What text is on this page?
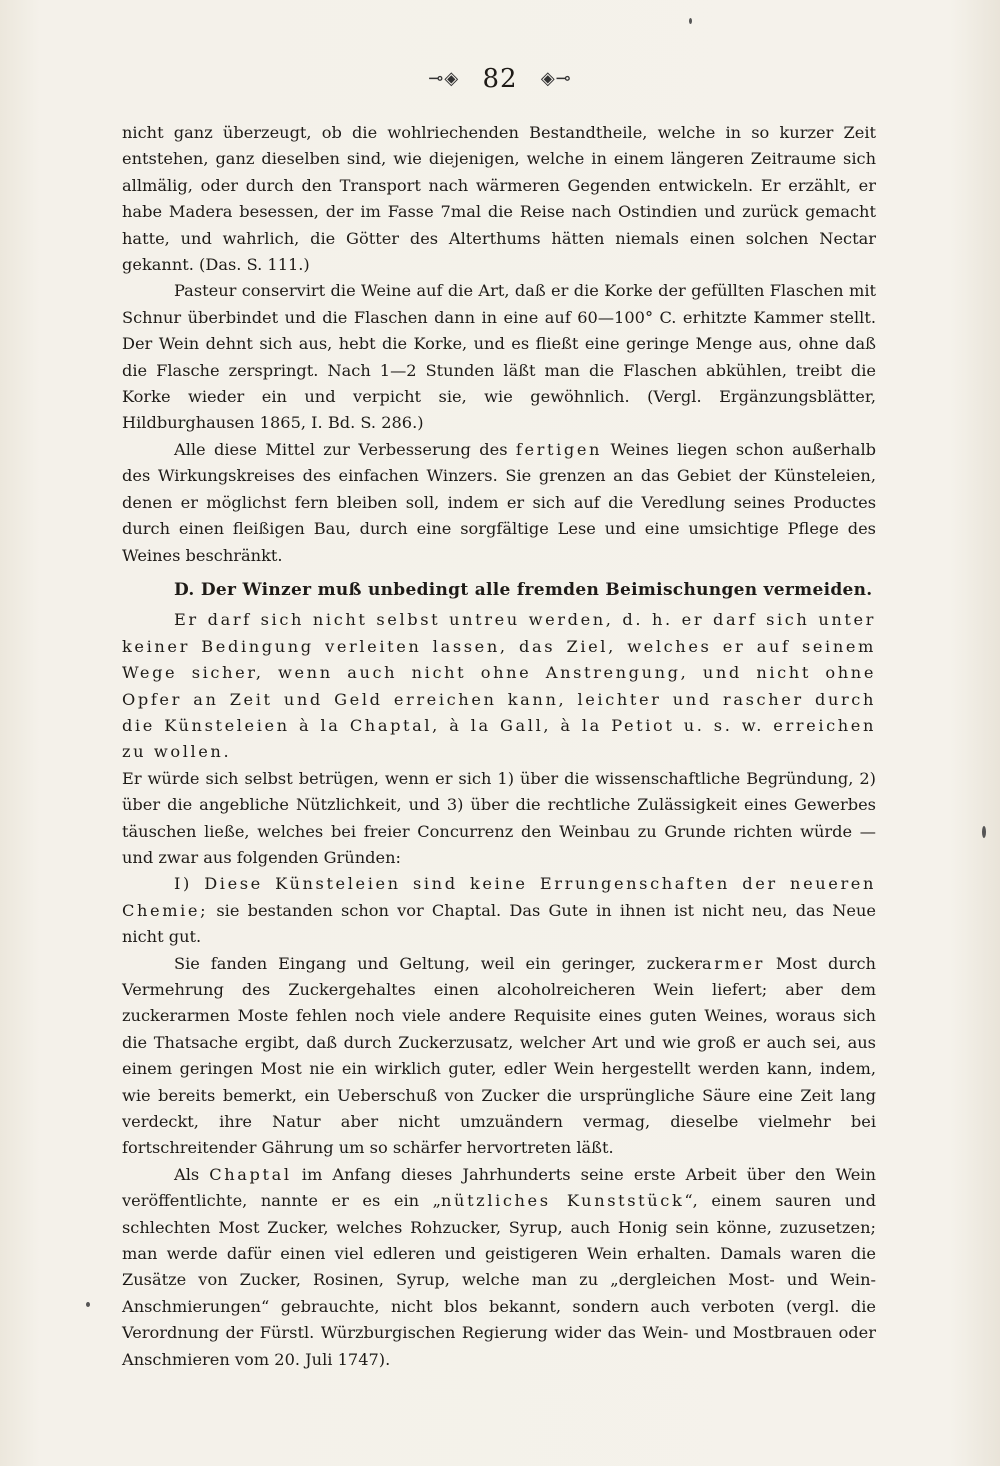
⊸◈ 82 ◈⊸

nicht ganz überzeugt, ob die wohlriechenden Bestandtheile, welche in so kurzer Zeit entstehen, ganz dieselben sind, wie diejenigen, welche in einem längeren Zeitraume sich allmälig, oder durch den Transport nach wärmeren Gegenden entwickeln. Er erzählt, er habe Madera besessen, der im Fasse 7mal die Reise nach Ostindien und zurück gemacht hatte, und wahrlich, die Götter des Alterthums hätten niemals einen solchen Nectar gekannt. (Das. S. 111.)

Pasteur conservirt die Weine auf die Art, daß er die Korke der gefüllten Flaschen mit Schnur überbindet und die Flaschen dann in eine auf 60—100° C. erhitzte Kammer stellt. Der Wein dehnt sich aus, hebt die Korke, und es fließt eine geringe Menge aus, ohne daß die Flasche zerspringt. Nach 1—2 Stunden läßt man die Flaschen abkühlen, treibt die Korke wieder ein und verpicht sie, wie gewöhnlich. (Vergl. Ergänzungsblätter, Hildburghausen 1865, I. Bd. S. 286.)

Alle diese Mittel zur Verbesserung des fertigen Weines liegen schon außerhalb des Wirkungskreises des einfachen Winzers. Sie grenzen an das Gebiet der Künsteleien, denen er möglichst fern bleiben soll, indem er sich auf die Veredlung seines Productes durch einen fleißigen Bau, durch eine sorgfältige Lese und eine umsichtige Pflege des Weines beschränkt.

D. Der Winzer muß unbedingt alle fremden Beimischungen vermeiden.

Er darf sich nicht selbst untreu werden, d. h. er darf sich unter keiner Bedingung verleiten lassen, das Ziel, welches er auf seinem Wege sicher, wenn auch nicht ohne Anstrengung, und nicht ohne Opfer an Zeit und Geld erreichen kann, leichter und rascher durch die Künsteleien à la Chaptal, à la Gall, à la Petiot u. s. w. erreichen zu wollen.

Er würde sich selbst betrügen, wenn er sich 1) über die wissenschaftliche Begründung, 2) über die angebliche Nützlichkeit, und 3) über die rechtliche Zulässigkeit eines Gewerbes täuschen ließe, welches bei freier Concurrenz den Weinbau zu Grunde richten würde — und zwar aus folgenden Gründen:

I) Diese Künsteleien sind keine Errungenschaften der neueren Chemie; sie bestanden schon vor Chaptal. Das Gute in ihnen ist nicht neu, das Neue nicht gut.

Sie fanden Eingang und Geltung, weil ein geringer, zuckerarmer Most durch Vermehrung des Zuckergehaltes einen alcoholreicheren Wein liefert; aber dem zuckerarmen Moste fehlen noch viele andere Requisite eines guten Weines, woraus sich die Thatsache ergibt, daß durch Zuckerzusatz, welcher Art und wie groß er auch sei, aus einem geringen Most nie ein wirklich guter, edler Wein hergestellt werden kann, indem, wie bereits bemerkt, ein Ueberschuß von Zucker die ursprüngliche Säure eine Zeit lang verdeckt, ihre Natur aber nicht umzuändern vermag, dieselbe vielmehr bei fortschreitender Gährung um so schärfer hervortreten läßt.

Als Chaptal im Anfang dieses Jahrhunderts seine erste Arbeit über den Wein veröffentlichte, nannte er es ein „nützliches Kunststück“, einem sauren und schlechten Most Zucker, welches Rohzucker, Syrup, auch Honig sein könne, zuzusetzen; man werde dafür einen viel edleren und geistigeren Wein erhalten. Damals waren die Zusätze von Zucker, Rosinen, Syrup, welche man zu „dergleichen Most- und Wein-Anschmierungen“ gebrauchte, nicht blos bekannt, sondern auch verboten (vergl. die Verordnung der Fürstl. Würzburgischen Regierung wider das Wein- und Mostbrauen oder Anschmieren vom 20. Juli 1747).
